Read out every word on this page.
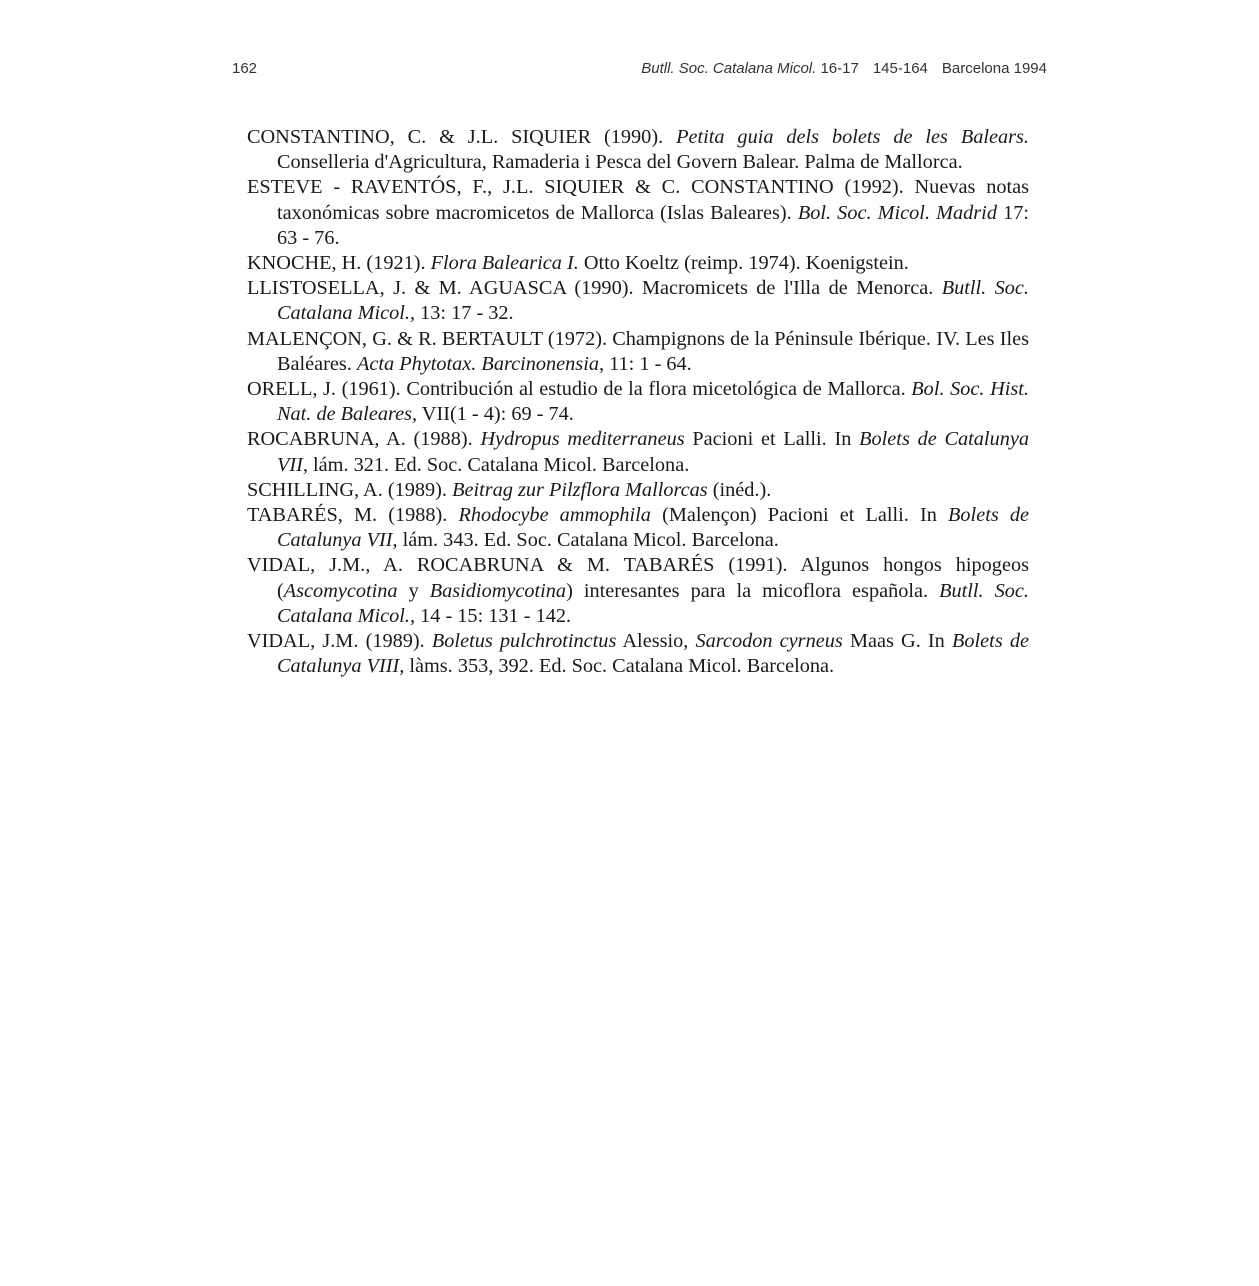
162	Butll. Soc. Catalana Micol. 16-17 145-164 Barcelona 1994

CONSTANTINO, C. & J.L. SIQUIER (1990). Petita guia dels bolets de les Balears. Conselleria d'Agricultura, Ramaderia i Pesca del Govern Balear. Palma de Mallorca.

ESTEVE - RAVENTÓS, F., J.L. SIQUIER & C. CONSTANTINO (1992). Nuevas notas taxonómicas sobre macromicetos de Mallorca (Islas Baleares). Bol. Soc. Micol. Madrid 17: 63 - 76.

KNOCHE, H. (1921). Flora Balearica I. Otto Koeltz (reimp. 1974). Koenigstein.

LLISTOSELLA, J. & M. AGUASCA (1990). Macromicets de l'Illa de Menorca. Butll. Soc. Catalana Micol., 13: 17 - 32.

MALENÇON, G. & R. BERTAULT (1972). Champignons de la Péninsule Ibérique. IV. Les Iles Baléares. Acta Phytotax. Barcinonensia, 11: 1 - 64.

ORELL, J. (1961). Contribución al estudio de la flora micetológica de Mallorca. Bol. Soc. Hist. Nat. de Baleares, VII(1 - 4): 69 - 74.

ROCABRUNA, A. (1988). Hydropus mediterraneus Pacioni et Lalli. In Bolets de Catalunya VII, lám. 321. Ed. Soc. Catalana Micol. Barcelona.

SCHILLING, A. (1989). Beitrag zur Pilzflora Mallorcas (inéd.).

TABARÉS, M. (1988). Rhodocybe ammophila (Malençon) Pacioni et Lalli. In Bolets de Catalunya VII, lám. 343. Ed. Soc. Catalana Micol. Barcelona.

VIDAL, J.M., A. ROCABRUNA & M. TABARÉS (1991). Algunos hongos hipogeos (Ascomycotina y Basidiomycotina) interesantes para la micoflora española. Butll. Soc. Catalana Micol., 14 - 15: 131 - 142.

VIDAL, J.M. (1989). Boletus pulchrotinctus Alessio, Sarcodon cyrneus Maas G. In Bolets de Catalunya VIII, làms. 353, 392. Ed. Soc. Catalana Micol. Barcelona.
